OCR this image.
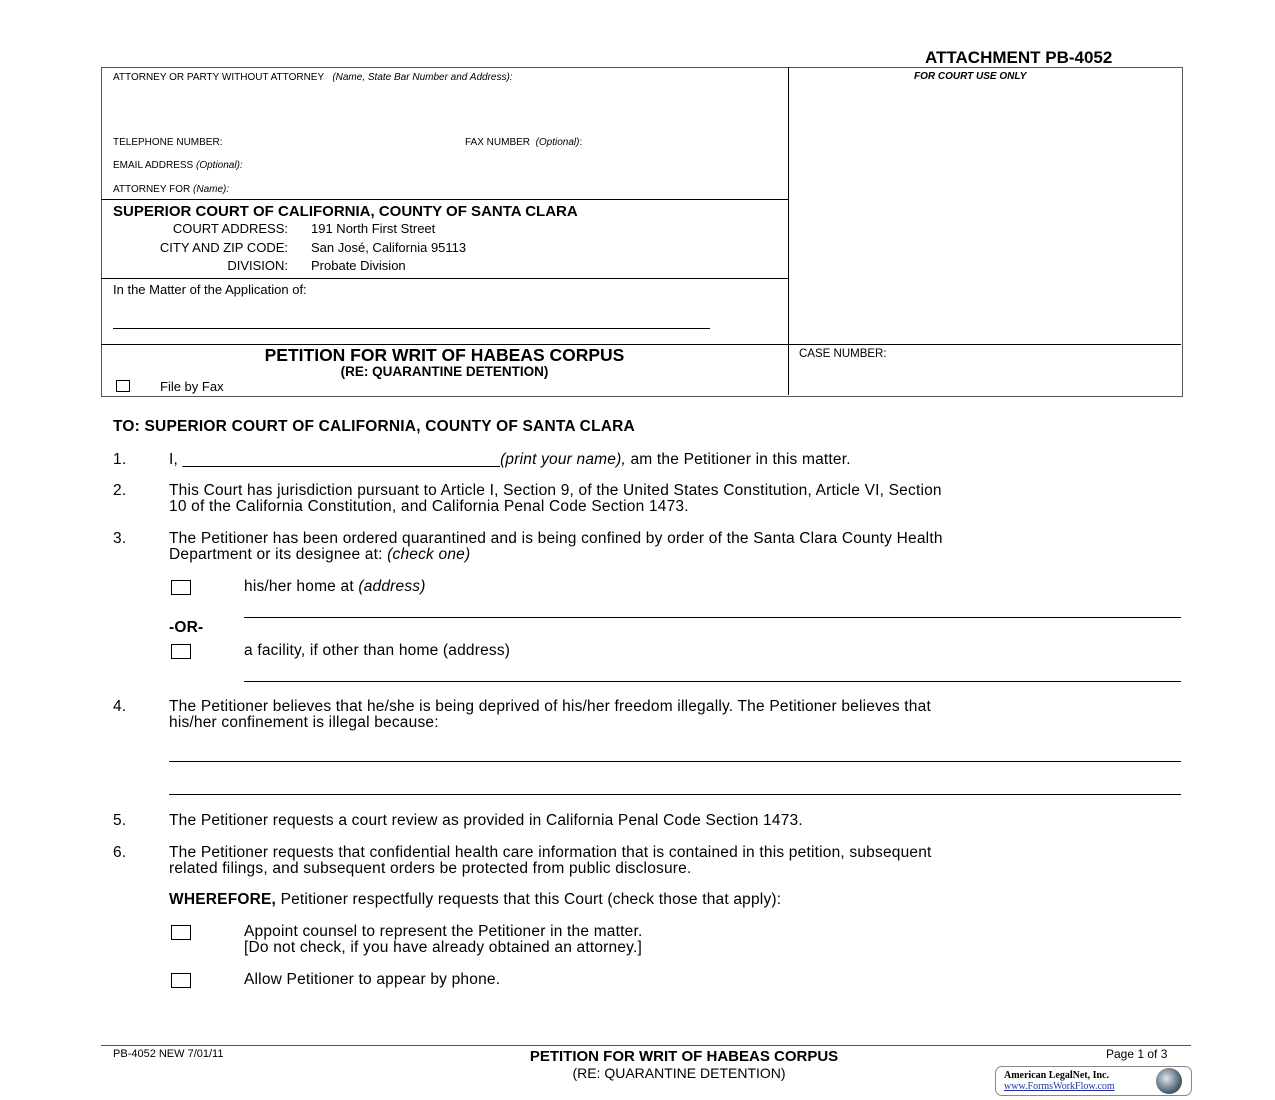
ATTACHMENT PB-4052
FOR COURT USE ONLY
ATTORNEY OR PARTY WITHOUT ATTORNEY (Name, State Bar Number and Address):
TELEPHONE NUMBER:	FAX NUMBER (Optional):
EMAIL ADDRESS (Optional):
ATTORNEY FOR (Name):
SUPERIOR COURT OF CALIFORNIA, COUNTY OF SANTA CLARA
COURT ADDRESS: 191 North First Street
CITY AND ZIP CODE: San José, California 95113
DIVISION: Probate Division
In the Matter of the Application of:
PETITION FOR WRIT OF HABEAS CORPUS
(RE: QUARANTINE DETENTION)
File by Fax
CASE NUMBER:
TO: SUPERIOR COURT OF CALIFORNIA, COUNTY OF SANTA CLARA
1.	I, ____________________________________(print your name), am the Petitioner in this matter.
2.	This Court has jurisdiction pursuant to Article I, Section 9, of the United States Constitution, Article VI, Section
10 of the California Constitution, and California Penal Code Section 1473.
3.	The Petitioner has been ordered quarantined and is being confined by order of the Santa Clara County Health
Department or its designee at: (check one)
his/her home at (address)
-OR-
a facility, if other than home (address)
4.	The Petitioner believes that he/she is being deprived of his/her freedom illegally. The Petitioner believes that
his/her confinement is illegal because:
5.	The Petitioner requests a court review as provided in California Penal Code Section 1473.
6.	The Petitioner requests that confidential health care information that is contained in this petition, subsequent
related filings, and subsequent orders be protected from public disclosure.
WHEREFORE, Petitioner respectfully requests that this Court (check those that apply):
Appoint counsel to represent the Petitioner in the matter.
[Do not check, if you have already obtained an attorney.]
Allow Petitioner to appear by phone.
PB-4052 NEW 7/01/11	PETITION FOR WRIT OF HABEAS CORPUS
(RE: QUARANTINE DETENTION)
Page 1 of 3
American LegalNet, Inc.
www.FormsWorkFlow.com
